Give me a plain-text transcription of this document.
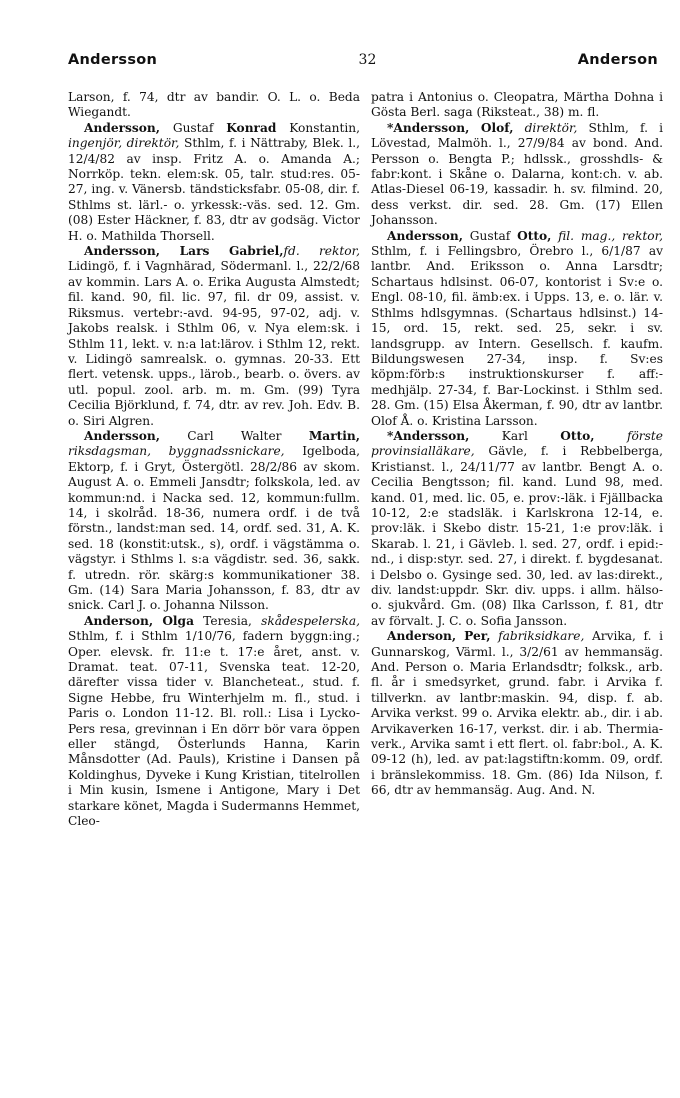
Andersson	32	Anderson

Larson, f. 74, dtr av bandir. O. L. o. Beda Wiegandt.

Andersson, Gustaf Konrad Konstantin, ingenjör, direktör, Sthlm, f. i Nättraby, Blek. l., 12/4/82 av insp. Fritz A. o. Amanda A.; Norrköp. tekn. elem:sk. 05, talr. stud:res. 05-27, ing. v. Vänersb. tändsticksfabr. 05-08, dir. f. Sthlms st. lärl.- o. yrkessk:-väs. sed. 12. Gm. (08) Ester Häckner, f. 83, dtr av godsäg. Victor H. o. Mathilda Thorsell.

Andersson, Lars Gabriel,fd. rektor, Lidingö, f. i Vagnhärad, Södermanl. l., 22/2/68 av kommin. Lars A. o. Erika Augusta Almstedt; fil. kand. 90, fil. lic. 97, fil. dr 09, assist. v. Riksmus. vertebr:-avd. 94-95, 97-02, adj. v. Jakobs realsk. i Sthlm 06, v. Nya elem:sk. i Sthlm 11, lekt. v. n:a lat:lärov. i Sthlm 12, rekt. v. Lidingö samrealsk. o. gymnas. 20-33. Ett flert. vetensk. upps., lärob., bearb. o. övers. av utl. popul. zool. arb. m. m. Gm. (99) Tyra Cecilia Björklund, f. 74, dtr. av rev. Joh. Edv. B. o. Siri Algren.

Andersson, Carl Walter Martin, riksdagsman, byggnadssnickare, Igelboda, Ektorp, f. i Gryt, Östergötl. 28/2/86 av skom. August A. o. Emmeli Jansdtr; folkskola, led. av kommun:nd. i Nacka sed. 12, kommun:fullm. 14, i skolråd. 18-36, numera ordf. i de två förstn., landst:man sed. 14, ordf. sed. 31, A. K. sed. 18 (konstit:utsk., s), ordf. i vägstämma o. vägstyr. i Sthlms l. s:a vägdistr. sed. 36, sakk. f. utredn. rör. skärg:s kommunikationer 38. Gm. (14) Sara Maria Johansson, f. 83, dtr av snick. Carl J. o. Johanna Nilsson.

Anderson, Olga Teresia, skådespelerska, Sthlm, f. i Sthlm 1/10/76, fadern byggn:ing.; Oper. elevsk. fr. 11:e t. 17:e året, anst. v. Dramat. teat. 07-11, Svenska teat. 12-20, därefter vissa tider v. Blancheteat., stud. f. Signe Hebbe, fru Winterhjelm m. fl., stud. i Paris o. London 11-12. Bl. roll.: Lisa i Lycko-Pers resa, grevinnan i En dörr bör vara öppen eller stängd, Österlunds Hanna, Karin Månsdotter (Ad. Pauls), Kristine i Dansen på Koldinghus, Dyveke i Kung Kristian, titelrollen i Min kusin, Ismene i Antigone, Mary i Det starkare könet, Magda i Sudermanns Hemmet, Cleo-

patra i Antonius o. Cleopatra, Märtha Dohna i Gösta Berl. saga (Riksteat., 38) m. fl.

*Andersson, Olof, direktör, Sthlm, f. i Lövestad, Malmöh. l., 27/9/84 av bond. And. Persson o. Bengta P.; hdlssk., grosshdls- & fabr:kont. i Skåne o. Dalarna, kont:ch. v. ab. Atlas-Diesel 06-19, kassadir. h. sv. filmind. 20, dess verkst. dir. sed. 28. Gm. (17) Ellen Johansson.

Andersson, Gustaf Otto, fil. mag., rektor, Sthlm, f. i Fellingsbro, Örebro l., 6/1/87 av lantbr. And. Eriksson o. Anna Larsdtr; Schartaus hdlsinst. 06-07, kontorist i Sv:e o. Engl. 08-10, fil. ämb:ex. i Upps. 13, e. o. lär. v. Sthlms hdlsgymnas. (Schartaus hdlsinst.) 14-15, ord. 15, rekt. sed. 25, sekr. i sv. landsgrupp. av Intern. Gesellsch. f. kaufm. Bildungswesen 27-34, insp. f. Sv:es köpm:förb:s instruktionskurser f. aff:-medhjälp. 27-34, f. Bar-Lockinst. i Sthlm sed. 28. Gm. (15) Elsa Åkerman, f. 90, dtr av lantbr. Olof Å. o. Kristina Larsson.

*Andersson, Karl Otto,	förste provinsialläkare, Gävle, f. i Rebbelberga, Kristianst. l., 24/11/77 av lantbr. Bengt A. o. Cecilia Bengtsson; fil. kand. Lund 98, med. kand. 01, med. lic. 05, e. prov:-läk. i Fjällbacka 10-12, 2:e stadsläk. i Karlskrona 12-14, e. prov:läk. i Skebo distr. 15-21, 1:e prov:läk. i Skarab. l. 21, i Gävleb. l. sed. 27, ordf. i epid:-nd., i disp:styr. sed. 27, i direkt. f. bygdesanat. i Delsbo o. Gysinge sed. 30, led. av las:direkt., div. landst:uppdr. Skr. div. upps. i allm. hälso- o. sjukvård. Gm. (08) Ilka Carlsson, f. 81, dtr av förvalt. J. C. o. Sofia Jansson.

Anderson, Per, fabriksidkare, Arvika, f. i Gunnarskog, Värml. l., 3/2/61 av hemmansäg. And. Person o. Maria Erlandsdtr; folksk., arb. fl. år i smedsyrket, grund. fabr. i Arvika f. tillverkn. av lantbr:maskin. 94, disp. f. ab. Arvika verkst. 99 o. Arvika elektr. ab., dir. i ab. Arvikaverken 16-17, verkst. dir. i ab. Thermia-verk., Arvika samt i ett flert. ol. fabr:bol., A. K. 09-12 (h), led. av pat:lagstiftn:komm. 09, ordf. i bränslekommiss. 18. Gm. (86) Ida Nilson, f. 66, dtr av hemmansäg. Aug. And. N.
